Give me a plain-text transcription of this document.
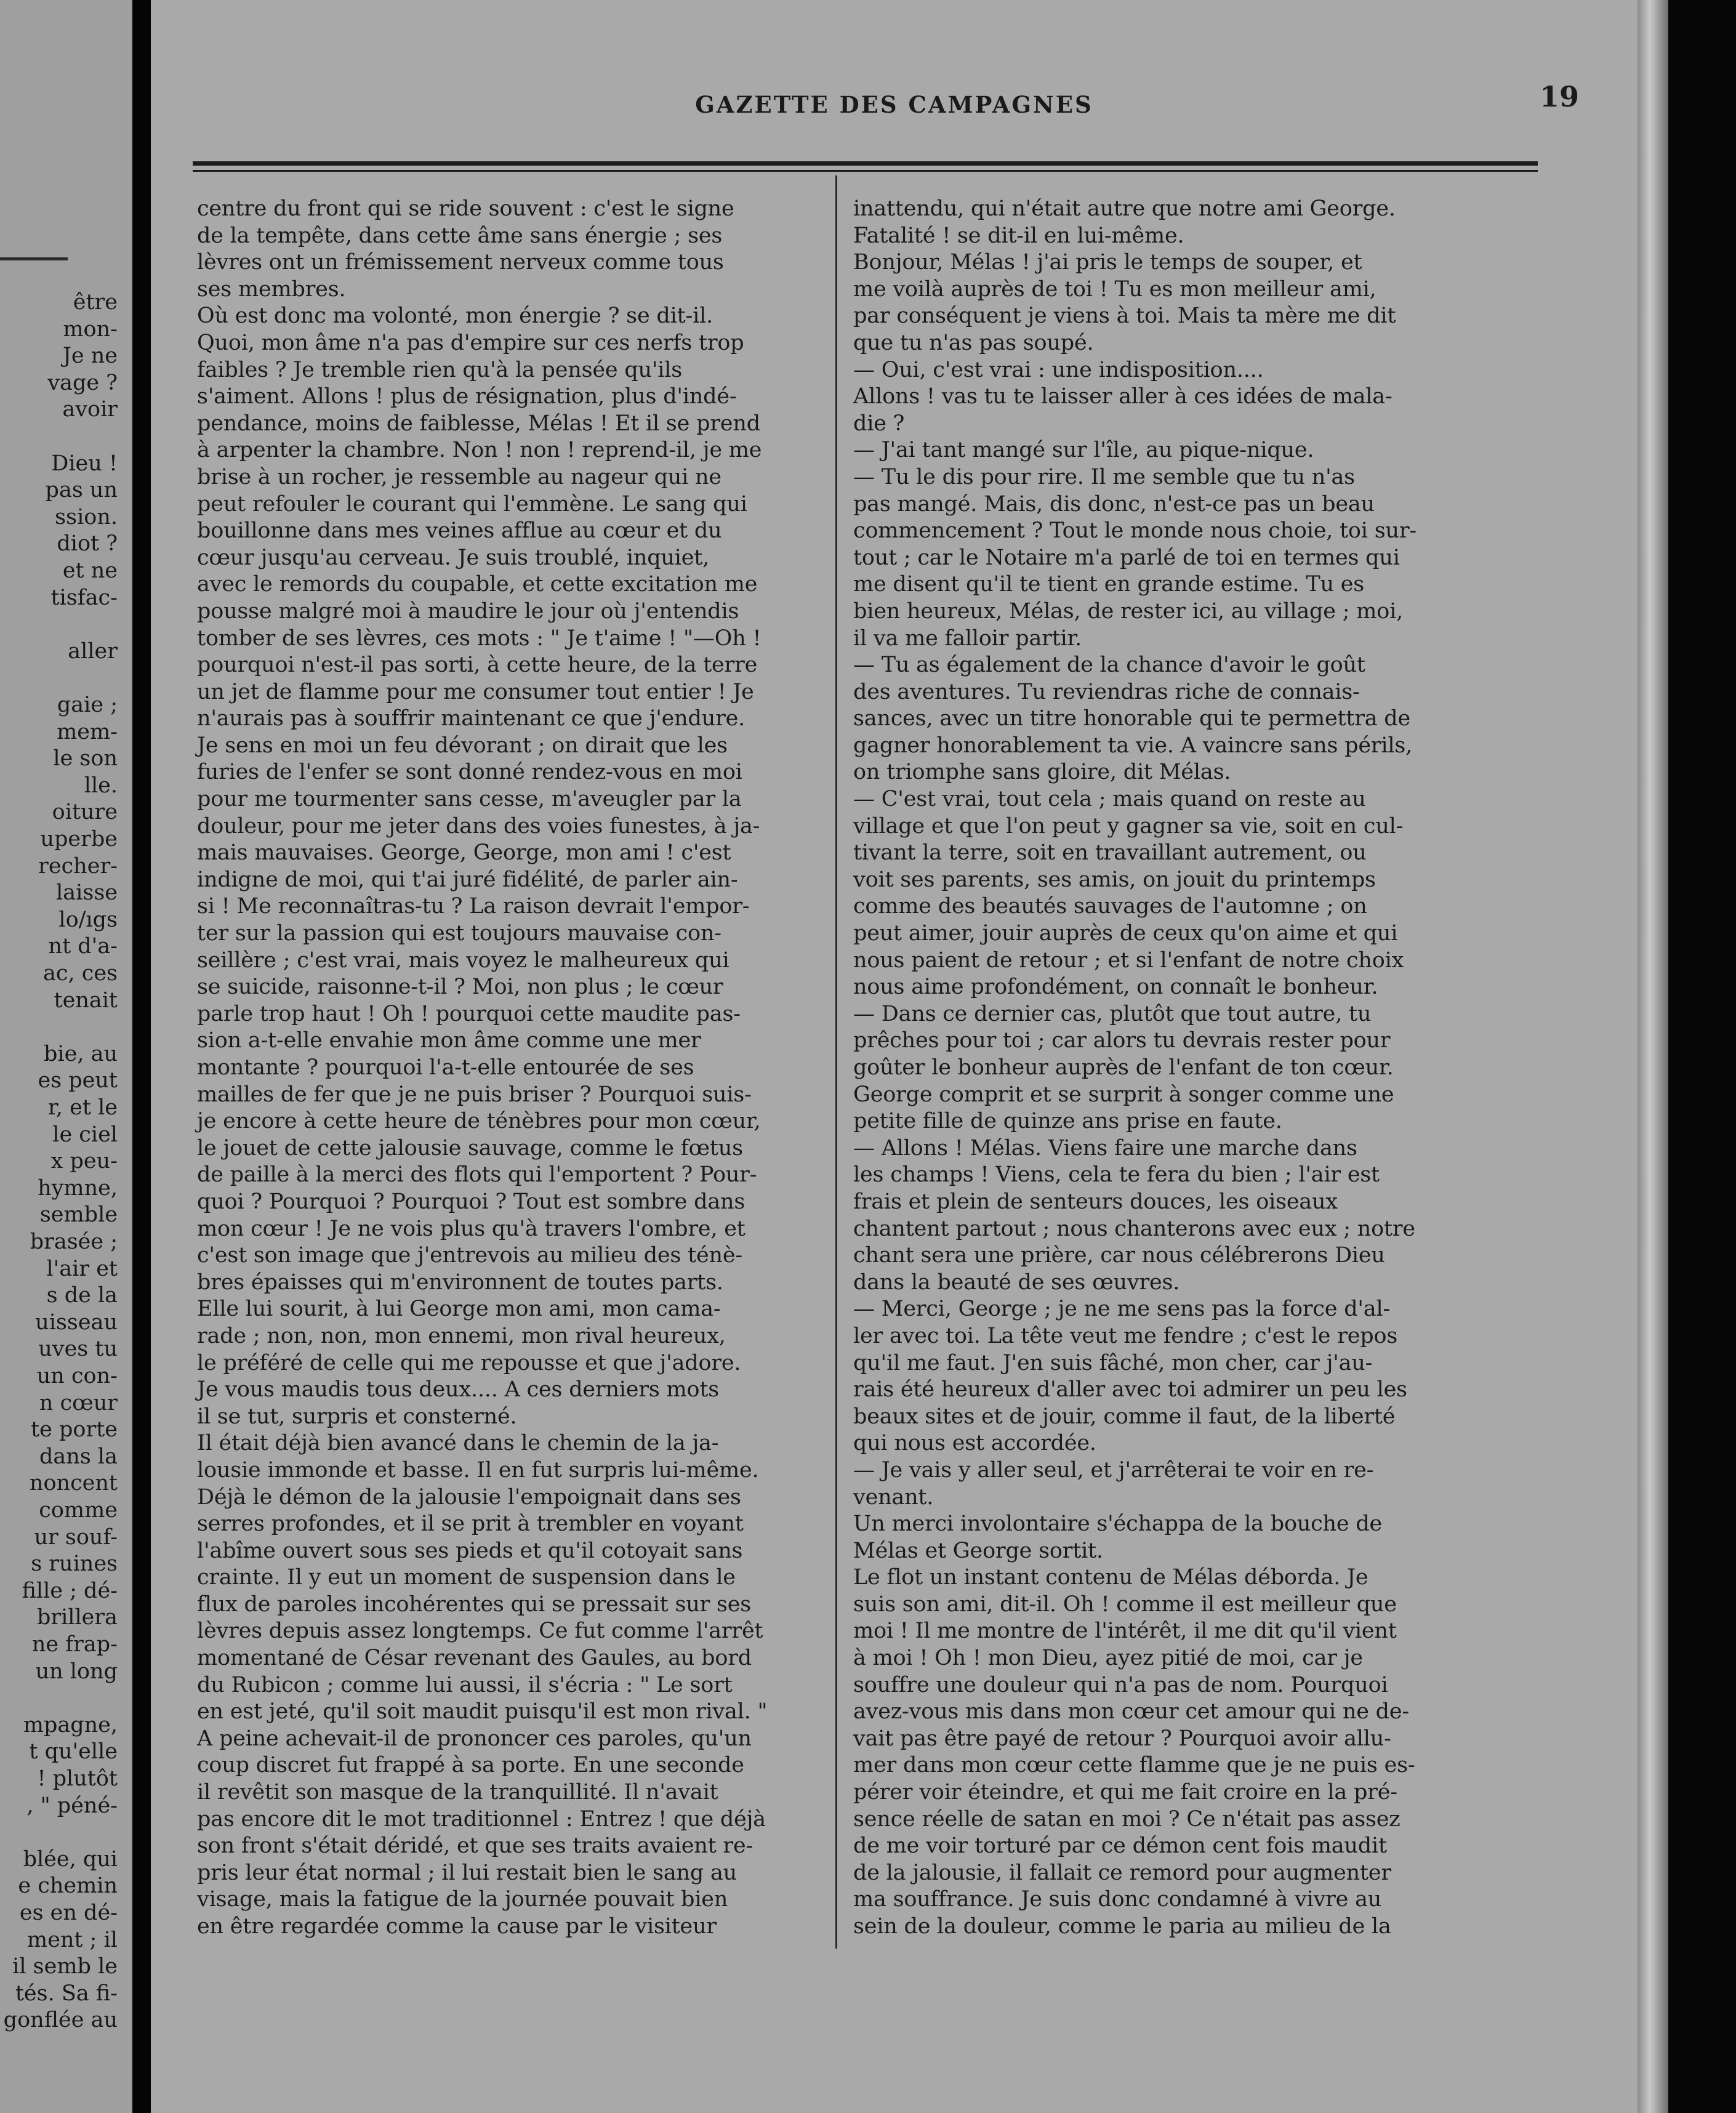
être
mon-
Je ne
vage ?
avoir
Dieu !
pas un
ssion.
diot ?
et ne
tisfac-
aller
gaie ;
mem-
le son
lle.
oiture
uperbe
recher-
laisse
lo/ıgs
nt d'a-
ac, ces
tenait
bie, au
es peut
r, et le
le ciel
x peu-
hymne,
semble
brasée ;
l'air et
s de la
uisseau
uves tu
un con-
n cœur
te porte
dans la
noncent
comme
ur souf-
s ruines
fille ; dé-
brillera
ne frap-
un long
mpagne,
t qu'elle
! plutôt
, " péné-
blée, qui
e chemin
es en dé-
ment ; il
il semb le
tés. Sa fi-
gonflée au
GAZETTE DES CAMPAGNES	19
centre du front qui se ride souvent : c'est le signe
de la tempête, dans cette âme sans énergie ; ses
lèvres ont un frémissement nerveux comme tous
ses membres.
Où est donc ma volonté, mon énergie ? se dit-il.
Quoi, mon âme n'a pas d'empire sur ces nerfs trop
faibles ? Je tremble rien qu'à la pensée qu'ils
s'aiment. Allons ! plus de résignation, plus d'indé-
pendance, moins de faiblesse, Mélas ! Et il se prend
à arpenter la chambre. Non ! non ! reprend-il, je me
brise à un rocher, je ressemble au nageur qui ne
peut refouler le courant qui l'emmène. Le sang qui
bouillonne dans mes veines afflue au cœur et du
cœur jusqu'au cerveau. Je suis troublé, inquiet,
avec le remords du coupable, et cette excitation me
pousse malgré moi à maudire le jour où j'entendis
tomber de ses lèvres, ces mots : " Je t'aime ! "—Oh !
pourquoi n'est-il pas sorti, à cette heure, de la terre
un jet de flamme pour me consumer tout entier ! Je
n'aurais pas à souffrir maintenant ce que j'endure.
Je sens en moi un feu dévorant ; on dirait que les
furies de l'enfer se sont donné rendez-vous en moi
pour me tourmenter sans cesse, m'aveugler par la
douleur, pour me jeter dans des voies funestes, à ja-
mais mauvaises. George, George, mon ami ! c'est
indigne de moi, qui t'ai juré fidélité, de parler ain-
si ! Me reconnaîtras-tu ? La raison devrait l'empor-
ter sur la passion qui est toujours mauvaise con-
seillère ; c'est vrai, mais voyez le malheureux qui
se suicide, raisonne-t-il ? Moi, non plus ; le cœur
parle trop haut ! Oh ! pourquoi cette maudite pas-
sion a-t-elle envahie mon âme comme une mer
montante ? pourquoi l'a-t-elle entourée de ses
mailles de fer que je ne puis briser ? Pourquoi suis-
je encore à cette heure de ténèbres pour mon cœur,
le jouet de cette jalousie sauvage, comme le fœtus
de paille à la merci des flots qui l'emportent ? Pour-
quoi ? Pourquoi ? Pourquoi ? Tout est sombre dans
mon cœur ! Je ne vois plus qu'à travers l'ombre, et
c'est son image que j'entrevois au milieu des ténè-
bres épaisses qui m'environnent de toutes parts.
Elle lui sourit, à lui George mon ami, mon cama-
rade ; non, non, mon ennemi, mon rival heureux,
le préféré de celle qui me repousse et que j'adore.
Je vous maudis tous deux.... A ces derniers mots
il se tut, surpris et consterné.
Il était déjà bien avancé dans le chemin de la ja-
lousie immonde et basse. Il en fut surpris lui-même.
Déjà le démon de la jalousie l'empoignait dans ses
serres profondes, et il se prit à trembler en voyant
l'abîme ouvert sous ses pieds et qu'il cotoyait sans
crainte. Il y eut un moment de suspension dans le
flux de paroles incohérentes qui se pressait sur ses
lèvres depuis assez longtemps. Ce fut comme l'arrêt
momentané de César revenant des Gaules, au bord
du Rubicon ; comme lui aussi, il s'écria : " Le sort
en est jeté, qu'il soit maudit puisqu'il est mon rival. "
A peine achevait-il de prononcer ces paroles, qu'un
coup discret fut frappé à sa porte. En une seconde
il revêtit son masque de la tranquillité. Il n'avait
pas encore dit le mot traditionnel : Entrez ! que déjà
son front s'était déridé, et que ses traits avaient re-
pris leur état normal ; il lui restait bien le sang au
visage, mais la fatigue de la journée pouvait bien
en être regardée comme la cause par le visiteur
inattendu, qui n'était autre que notre ami George.
Fatalité ! se dit-il en lui-même.
Bonjour, Mélas ! j'ai pris le temps de souper, et
me voilà auprès de toi ! Tu es mon meilleur ami,
par conséquent je viens à toi. Mais ta mère me dit
que tu n'as pas soupé.
— Oui, c'est vrai : une indisposition....
Allons ! vas tu te laisser aller à ces idées de mala-
die ?
— J'ai tant mangé sur l'île, au pique-nique.
— Tu le dis pour rire. Il me semble que tu n'as
pas mangé. Mais, dis donc, n'est-ce pas un beau
commencement ? Tout le monde nous choie, toi sur-
tout ; car le Notaire m'a parlé de toi en termes qui
me disent qu'il te tient en grande estime. Tu es
bien heureux, Mélas, de rester ici, au village ; moi,
il va me falloir partir.
— Tu as également de la chance d'avoir le goût
des aventures. Tu reviendras riche de connais-
sances, avec un titre honorable qui te permettra de
gagner honorablement ta vie. A vaincre sans périls,
on triomphe sans gloire, dit Mélas.
— C'est vrai, tout cela ; mais quand on reste au
village et que l'on peut y gagner sa vie, soit en cul-
tivant la terre, soit en travaillant autrement, ou
voit ses parents, ses amis, on jouit du printemps
comme des beautés sauvages de l'automne ; on
peut aimer, jouir auprès de ceux qu'on aime et qui
nous paient de retour ; et si l'enfant de notre choix
nous aime profondément, on connaît le bonheur.
— Dans ce dernier cas, plutôt que tout autre, tu
prêches pour toi ; car alors tu devrais rester pour
goûter le bonheur auprès de l'enfant de ton cœur.
George comprit et se surprit à songer comme une
petite fille de quinze ans prise en faute.
— Allons ! Mélas. Viens faire une marche dans
les champs ! Viens, cela te fera du bien ; l'air est
frais et plein de senteurs douces, les oiseaux
chantent partout ; nous chanterons avec eux ; notre
chant sera une prière, car nous célébrerons Dieu
dans la beauté de ses œuvres.
— Merci, George ; je ne me sens pas la force d'al-
ler avec toi. La tête veut me fendre ; c'est le repos
qu'il me faut. J'en suis fâché, mon cher, car j'au-
rais été heureux d'aller avec toi admirer un peu les
beaux sites et de jouir, comme il faut, de la liberté
qui nous est accordée.
— Je vais y aller seul, et j'arrêterai te voir en re-
venant.
Un merci involontaire s'échappa de la bouche de
Mélas et George sortit.
Le flot un instant contenu de Mélas déborda. Je
suis son ami, dit-il. Oh ! comme il est meilleur que
moi ! Il me montre de l'intérêt, il me dit qu'il vient
à moi ! Oh ! mon Dieu, ayez pitié de moi, car je
souffre une douleur qui n'a pas de nom. Pourquoi
avez-vous mis dans mon cœur cet amour qui ne de-
vait pas être payé de retour ? Pourquoi avoir allu-
mer dans mon cœur cette flamme que je ne puis es-
pérer voir éteindre, et qui me fait croire en la pré-
sence réelle de satan en moi ? Ce n'était pas assez
de me voir torturé par ce démon cent fois maudit
de la jalousie, il fallait ce remord pour augmenter
ma souffrance. Je suis donc condamné à vivre au
sein de la douleur, comme le paria au milieu de la
